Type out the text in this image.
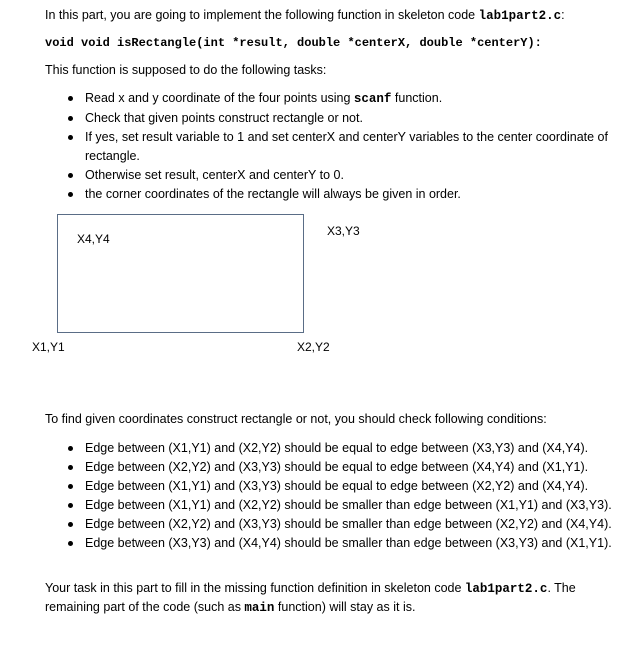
In this part, you are going to implement the following function in skeleton code lab1part2.c:
void void isRectangle(int *result, double *centerX, double *centerY):
This function is supposed to do the following tasks:
Read x and y coordinate of the four points using scanf function.
Check that given points construct rectangle or not.
If yes, set result variable to 1 and set centerX and centerY variables to the center coordinate of rectangle.
Otherwise set result, centerX and centerY to 0.
the corner coordinates of the rectangle will always be given in order.
X4,Y4
X3,Y3
X1,Y1	X2,Y2
To find given coordinates construct rectangle or not, you should check following conditions:
Edge between (X1,Y1) and (X2,Y2) should be equal to edge between (X3,Y3) and (X4,Y4).
Edge between (X2,Y2) and (X3,Y3) should be equal to edge between (X4,Y4) and (X1,Y1).
Edge between (X1,Y1) and (X3,Y3) should be equal to edge between (X2,Y2) and (X4,Y4).
Edge between (X1,Y1) and (X2,Y2) should be smaller than edge between (X1,Y1) and (X3,Y3).
Edge between (X2,Y2) and (X3,Y3) should be smaller than edge between (X2,Y2) and (X4,Y4).
Edge between (X3,Y3) and (X4,Y4) should be smaller than edge between (X3,Y3) and (X1,Y1).
Your task in this part to fill in the missing function definition in skeleton code lab1part2.c. The
remaining part of the code (such as main function) will stay as it is.
